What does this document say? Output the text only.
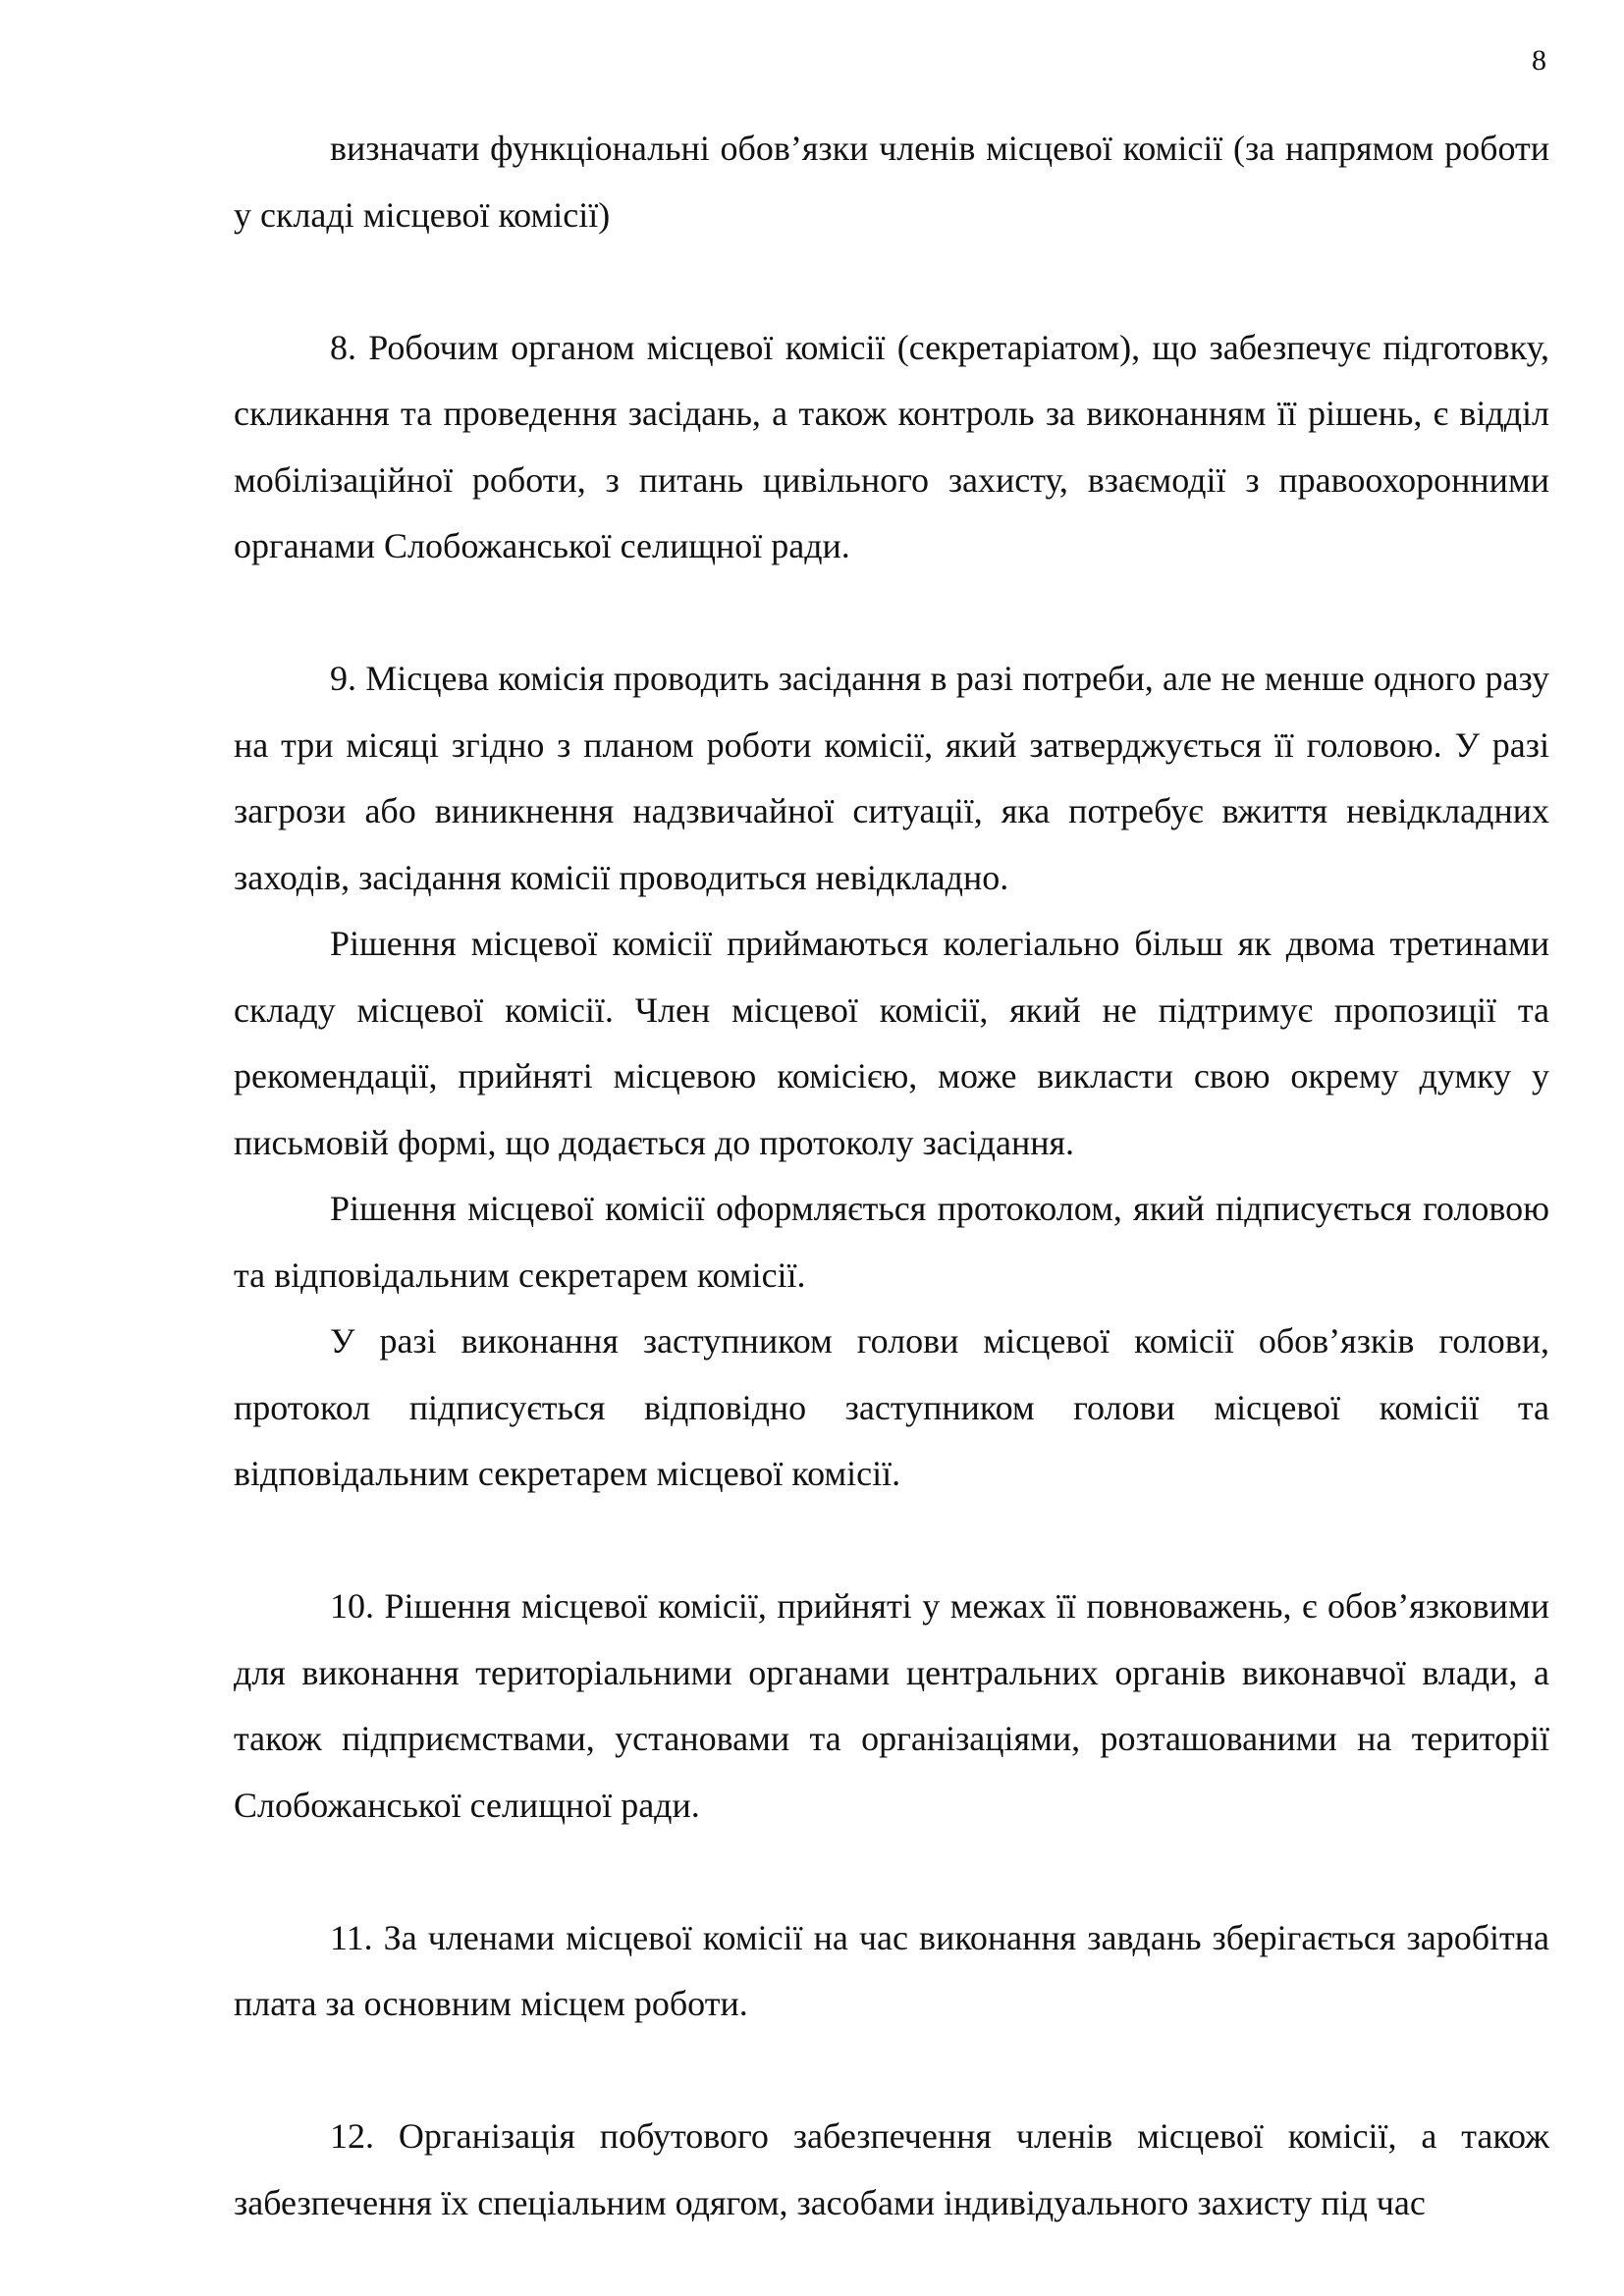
8

визначати функціональні обов’язки членів місцевої комісії (за напрямом роботи у складі місцевої комісії)

8. Робочим органом місцевої комісії (секретаріатом), що забезпечує підготовку, скликання та проведення засідань, а також контроль за виконанням її рішень, є відділ мобілізаційної роботи, з питань цивільного захисту, взаємодії з правоохоронними органами Слобожанської селищної ради.

9. Місцева комісія проводить засідання в разі потреби, але не менше одного разу на три місяці згідно з планом роботи комісії, який затверджується її головою. У разі загрози або виникнення надзвичайної ситуації, яка потребує вжиття невідкладних заходів, засідання комісії проводиться невідкладно.

Рішення місцевої комісії приймаються колегіально більш як двома третинами складу місцевої комісії. Член місцевої комісії, який не підтримує пропозиції та рекомендації, прийняті місцевою комісією, може викласти свою окрему думку у письмовій формі, що додається до протоколу засідання.

Рішення місцевої комісії оформляється протоколом, який підписується головою та відповідальним секретарем комісії.

У разі виконання заступником голови місцевої комісії обов’язків голови, протокол підписується відповідно заступником голови місцевої комісії та відповідальним секретарем місцевої комісії.

10. Рішення місцевої комісії, прийняті у межах її повноважень, є обов’язковими для виконання територіальними органами центральних органів виконавчої влади, а також підприємствами, установами та організаціями, розташованими на території Слобожанської селищної ради.

11. За членами місцевої комісії на час виконання завдань зберігається заробітна плата за основним місцем роботи.

12. Організація побутового забезпечення членів місцевої комісії, а також забезпечення їх спеціальним одягом, засобами індивідуального захисту під час
